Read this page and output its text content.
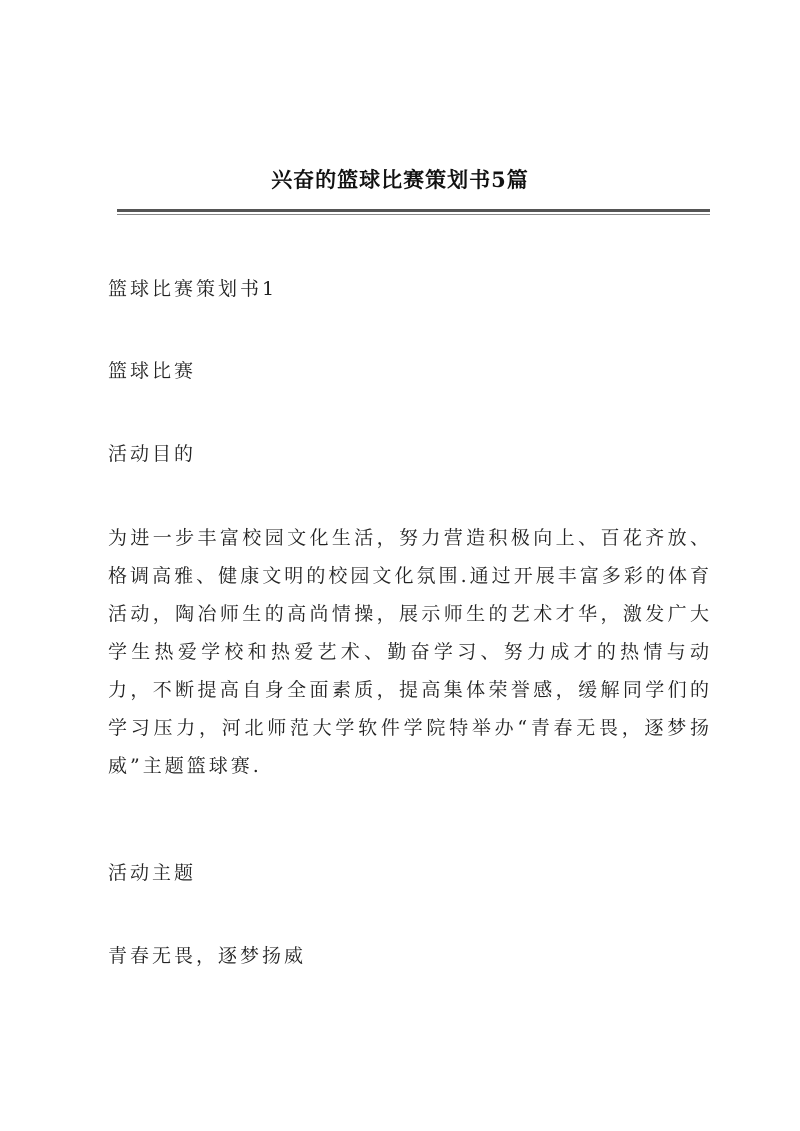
兴奋的篮球比赛策划书5篇

篮球比赛策划书1

篮球比赛

活动目的

为进一步丰富校园文化生活，努力营造积极向上、百花齐放、格调高雅、健康文明的校园文化氛围.通过开展丰富多彩的体育活动，陶冶师生的高尚情操，展示师生的艺术才华，激发广大学生热爱学校和热爱艺术、勤奋学习、努力成才的热情与动力，不断提高自身全面素质，提高集体荣誉感，缓解同学们的学习压力，河北师范大学软件学院特举办“青春无畏，逐梦扬威”主题篮球赛.

活动主题

青春无畏，逐梦扬威
